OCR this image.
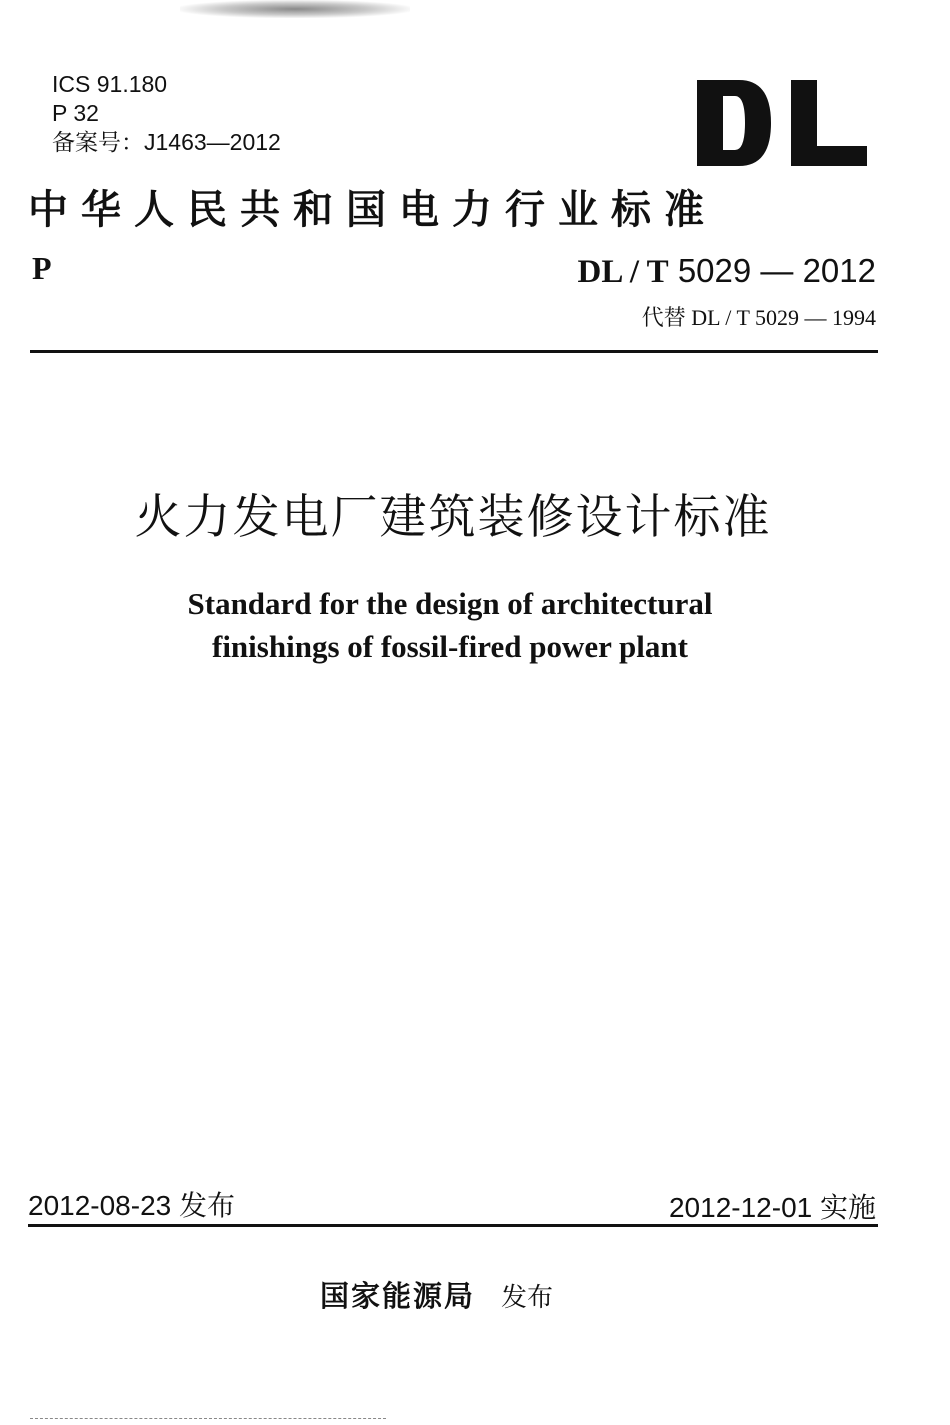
ICS 91.180
P 32
备案号：J1463—2012
中华人民共和国电力行业标准
P	DL / T 5029 — 2012
代替 DL / T 5029 — 1994
火力发电厂建筑装修设计标准
Standard for the design of architectural
finishings of fossil-fired power plant
2012-08-23 发布	2012-12-01 实施
国家能源局 发布
